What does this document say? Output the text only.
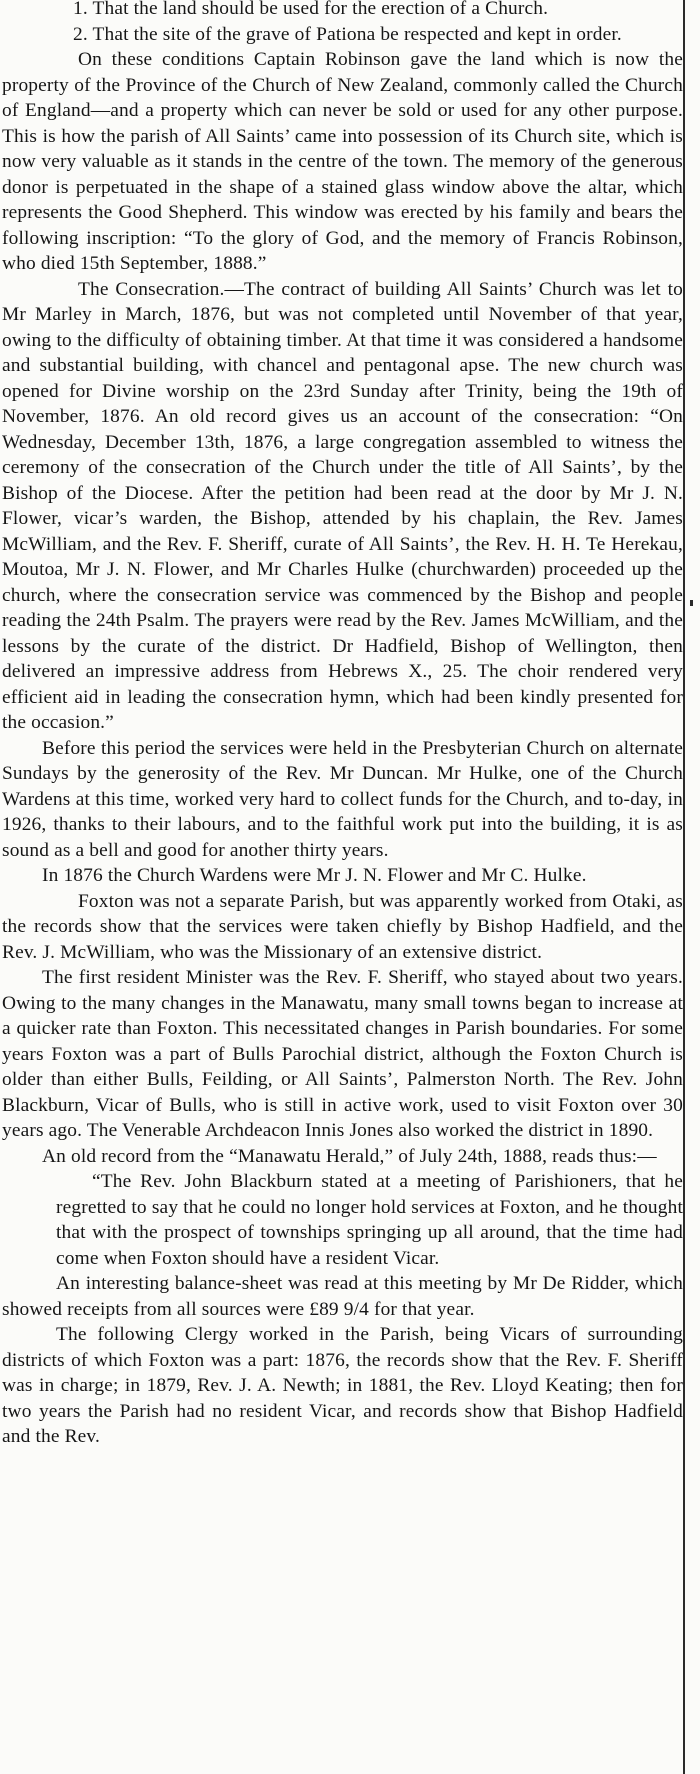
1. That the land should be used for the erection of a Church.

2. That the site of the grave of Pationa be respected and kept in order.

On these conditions Captain Robinson gave the land which is now the property of the Province of the Church of New Zealand, commonly called the Church of England—and a property which can never be sold or used for any other purpose. This is how the parish of All Saints’ came into possession of its Church site, which is now very valuable as it stands in the centre of the town. The memory of the generous donor is perpetuated in the shape of a stained glass window above the altar, which represents the Good Shepherd. This window was erected by his family and bears the following inscription: “To the glory of God, and the memory of Francis Robinson, who died 15th September, 1888.”

The Consecration.—The contract of building All Saints’ Church was let to Mr Marley in March, 1876, but was not completed until November of that year, owing to the difficulty of obtaining timber. At that time it was considered a handsome and substantial building, with chancel and pentagonal apse. The new church was opened for Divine worship on the 23rd Sunday after Trinity, being the 19th of November, 1876. An old record gives us an account of the consecration: “On Wednesday, December 13th, 1876, a large congregation assembled to witness the ceremony of the consecration of the Church under the title of All Saints’, by the Bishop of the Diocese. After the petition had been read at the door by Mr J. N. Flower, vicar’s warden, the Bishop, attended by his chaplain, the Rev. James McWilliam, and the Rev. F. Sheriff, curate of All Saints’, the Rev. H. H. Te Herekau, Moutoa, Mr J. N. Flower, and Mr Charles Hulke (churchwarden) proceeded up the church, where the consecration service was commenced by the Bishop and people reading the 24th Psalm. The prayers were read by the Rev. James McWilliam, and the lessons by the curate of the district. Dr Hadfield, Bishop of Wellington, then delivered an impressive address from Hebrews X., 25. The choir rendered very efficient aid in leading the consecration hymn, which had been kindly presented for the occasion.”

Before this period the services were held in the Presbyterian Church on alternate Sundays by the generosity of the Rev. Mr Duncan. Mr Hulke, one of the Church Wardens at this time, worked very hard to collect funds for the Church, and to-day, in 1926, thanks to their labours, and to the faithful work put into the building, it is as sound as a bell and good for another thirty years.

In 1876 the Church Wardens were Mr J. N. Flower and Mr C. Hulke.

Foxton was not a separate Parish, but was apparently worked from Otaki, as the records show that the services were taken chiefly by Bishop Hadfield, and the Rev. J. McWilliam, who was the Missionary of an extensive district.

The first resident Minister was the Rev. F. Sheriff, who stayed about two years. Owing to the many changes in the Manawatu, many small towns began to increase at a quicker rate than Foxton. This necessitated changes in Parish boundaries. For some years Foxton was a part of Bulls Parochial district, although the Foxton Church is older than either Bulls, Feilding, or All Saints’, Palmerston North. The Rev. John Blackburn, Vicar of Bulls, who is still in active work, used to visit Foxton over 30 years ago. The Venerable Archdeacon Innis Jones also worked the district in 1890.

An old record from the “Manawatu Herald,” of July 24th, 1888, reads thus:—

“The Rev. John Blackburn stated at a meeting of Parishioners, that he regretted to say that he could no longer hold services at Foxton, and he thought that with the prospect of townships springing up all around, that the time had come when Foxton should have a resident Vicar.

An interesting balance-sheet was read at this meeting by Mr De Ridder, which showed receipts from all sources were £89 9/4 for that year.

The following Clergy worked in the Parish, being Vicars of surrounding districts of which Foxton was a part: 1876, the records show that the Rev. F. Sheriff was in charge; in 1879, Rev. J. A. Newth; in 1881, the Rev. Lloyd Keating; then for two years the Parish had no resident Vicar, and records show that Bishop Hadfield and the Rev.
